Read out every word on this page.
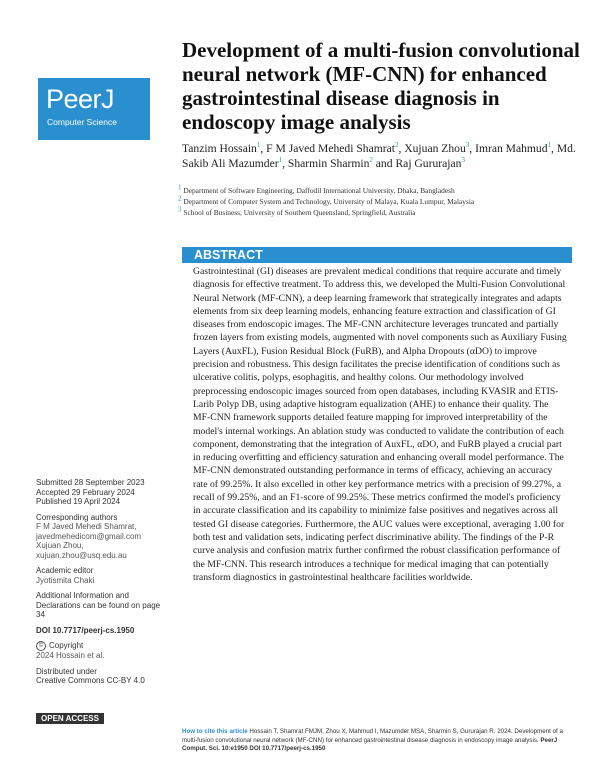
PeerJ
Computer Science
Development of a multi-fusion convolutional neural network (MF-CNN) for enhanced gastrointestinal disease diagnosis in endoscopy image analysis
Tanzim Hossain$^1$, F M Javed Mehedi Shamrat$^2$, Xujuan Zhou$^3$, Imran Mahmud$^1$, Md. Sakib Ali Mazumder$^1$, Sharmin Sharmin$^2$ and Raj Gururajan$^3$
$^1$ Department of Software Engineering, Daffodil International University, Dhaka, Bangladesh
$^2$ Department of Computer System and Technology, University of Malaya, Kuala Lumpur, Malaysia
$^3$ School of Business, University of Southern Queensland, Springfield, Australia
ABSTRACT
Gastrointestinal (GI) diseases are prevalent medical conditions that require accurate and timely diagnosis for effective treatment. To address this, we developed the Multi-Fusion Convolutional Neural Network (MF-CNN), a deep learning framework that strategically integrates and adapts elements from six deep learning models, enhancing feature extraction and classification of GI diseases from endoscopic images. The MF-CNN architecture leverages truncated and partially frozen layers from existing models, augmented with novel components such as Auxiliary Fusing Layers (AuxFL), Fusion Residual Block (FuRB), and Alpha Dropouts (αDO) to improve precision and robustness. This design facilitates the precise identification of conditions such as ulcerative colitis, polyps, esophagitis, and healthy colons. Our methodology involved preprocessing endoscopic images sourced from open databases, including KVASIR and ETIS-Larib Polyp DB, using adaptive histogram equalization (AHE) to enhance their quality. The MF-CNN framework supports detailed feature mapping for improved interpretability of the model's internal workings. An ablation study was conducted to validate the contribution of each component, demonstrating that the integration of AuxFL, αDO, and FuRB played a crucial part in reducing overfitting and efficiency saturation and enhancing overall model performance. The MF-CNN demonstrated outstanding performance in terms of efficacy, achieving an accuracy rate of 99.25%. It also excelled in other key performance metrics with a precision of 99.27%, a recall of 99.25%, and an F1-score of 99.25%. These metrics confirmed the model's proficiency in accurate classification and its capability to minimize false positives and negatives across all tested GI disease categories. Furthermore, the AUC values were exceptional, averaging 1.00 for both test and validation sets, indicating perfect discriminative ability. The findings of the P-R curve analysis and confusion matrix further confirmed the robust classification performance of the MF-CNN. This research introduces a technique for medical imaging that can potentially transform diagnostics in gastrointestinal healthcare facilities worldwide.
Submitted 28 September 2023
Accepted 29 February 2024
Published 19 April 2024
Corresponding authors
F M Javed Mehedi Shamrat,
javedmehedicom@gmail.com
Xujuan Zhou,
xujuan.zhou@usq.edu.au
Academic editor
Jyotismita Chaki
Additional Information and Declarations can be found on page 34
DOI 10.7717/peerj-cs.1950
© Copyright
2024 Hossain et al.
Distributed under
Creative Commons CC-BY 4.0
OPEN ACCESS
How to cite this article Hossain T, Shamrat FMJM, Zhou X, Mahmud I, Mazumder MSA, Sharmin S, Gururajan R. 2024. Development of a multi-fusion convolutional neural network (MF-CNN) for enhanced gastrointestinal disease diagnosis in endoscopy image analysis. PeerJ Comput. Sci. 10:e1950 DOI 10.7717/peerj-cs.1950
